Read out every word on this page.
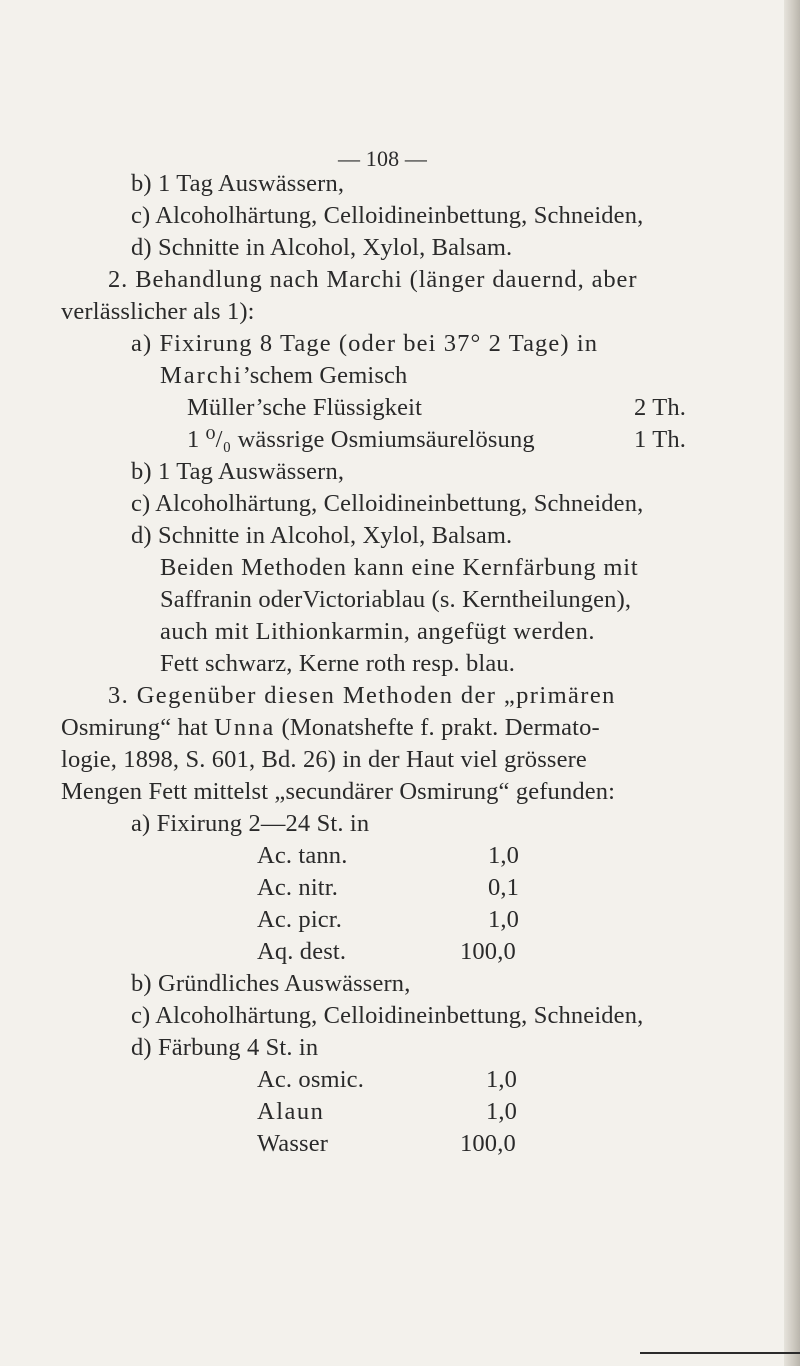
— 108 —
b) 1 Tag Auswässern,
c) Alcoholhärtung, Celloidineinbettung, Schneiden,
d) Schnitte in Alcohol, Xylol, Balsam.
2. Behandlung nach Marchi (länger dauernd, aber
verlässlicher als 1):
a) Fixirung 8 Tage (oder bei 37° 2 Tage) in
Marchi’schem Gemisch
Müller’sche Flüssigkeit	2 Th.
1 ⁰/₀ wässrige Osmiumsäurelösung	1 Th.
b) 1 Tag Auswässern,
c) Alcoholhärtung, Celloidineinbettung, Schneiden,
d) Schnitte in Alcohol, Xylol, Balsam.
Beiden Methoden kann eine Kernfärbung mit
Saffranin oderVictoriablau (s. Kerntheilungen),
auch mit Lithionkarmin, angefügt werden.
Fett schwarz, Kerne roth resp. blau.
3. Gegenüber diesen Methoden der „primären
Osmirung“ hat Unna (Monatshefte f. prakt. Dermato-
logie, 1898, S. 601, Bd. 26) in der Haut viel grössere
Mengen Fett mittelst „secundärer Osmirung“ gefunden:
a) Fixirung 2—24 St. in
Ac. tann.	1,0
Ac. nitr.	0,1
Ac. picr.	1,0
Aq. dest.	100,0
b) Gründliches Auswässern,
c) Alcoholhärtung, Celloidineinbettung, Schneiden,
d) Färbung 4 St. in
Ac. osmic.	1,0
Alaun	1,0
Wasser	100,0
